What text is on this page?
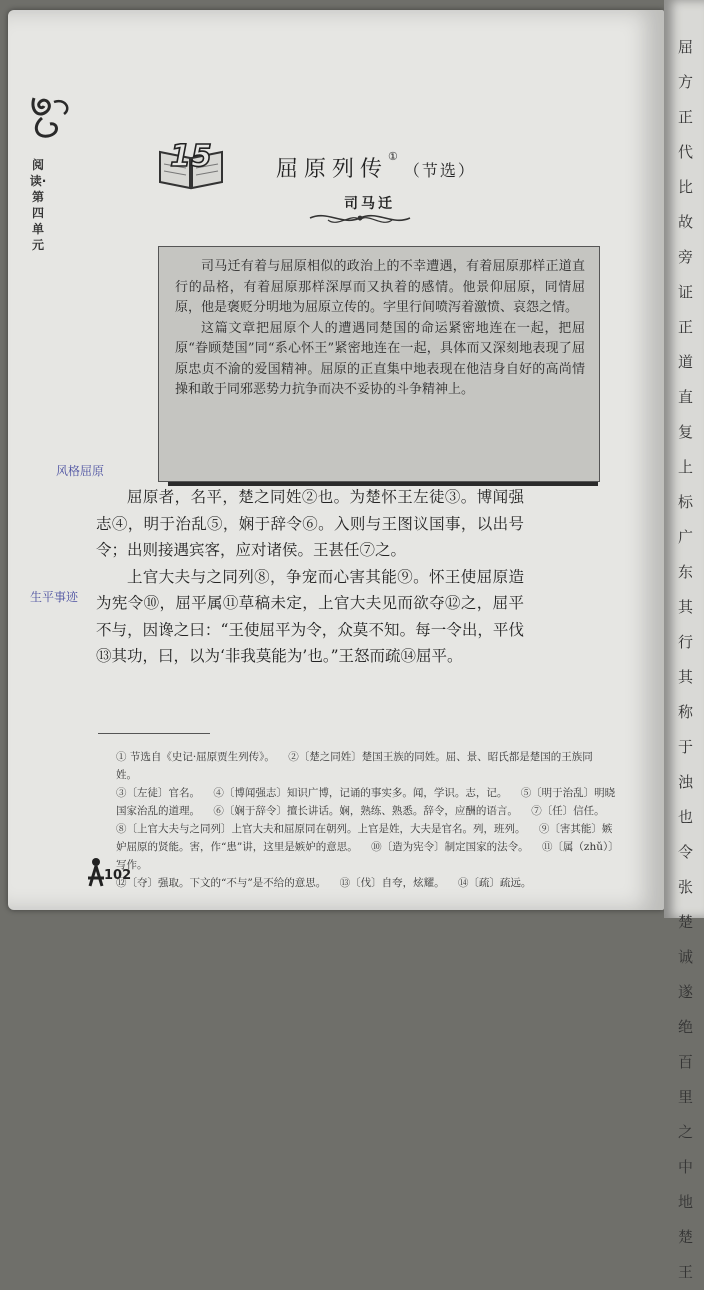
阅读·第四单元
15	屈原列传①（节选）
司马迁

司马迁有着与屈原相似的政治上的不幸遭遇，有着屈原那样正道直行的品格，有着屈原那样深厚而又执着的感情。他景仰屈原，同情屈原，他是褒贬分明地为屈原立传的。字里行间喷泻着激愤、哀怨之情。

这篇文章把屈原个人的遭遇同楚国的命运紧密地连在一起，把屈原“眷顾楚国”同“系心怀王”紧密地连在一起，具体而又深刻地表现了屈原忠贞不渝的爱国精神。屈原的正直集中地表现在他洁身自好的高尚情操和敢于同邪恶势力抗争而决不妥协的斗争精神上。

风格屈原
生平事迹

屈原者，名平，楚之同姓②也。为楚怀王左徒③。博闻强志④，明于治乱⑤，娴于辞令⑥。入则与王图议国事，以出号令；出则接遇宾客，应对诸侯。王甚任⑦之。

上官大夫与之同列⑧，争宠而心害其能⑨。怀王使屈原造为宪令⑩，屈平属⑪草稿未定，上官大夫见而欲夺⑫之，屈平不与，因谗之曰：“王使屈平为令，众莫不知。每一令出，平伐⑬其功，曰，以为‘非我莫能为’也。”王怒而疏⑭屈平。

① 节选自《史记·屈原贾生列传》。 ②〔楚之同姓〕楚国王族的同姓。屈、景、昭氏都是楚国的王族同姓。
③〔左徒〕官名。 ④〔博闻强志〕知识广博，记诵的事实多。闻，学识。志，记。 ⑤〔明于治乱〕明晓国家治乱的道理。 ⑥〔娴于辞令〕擅长讲话。娴，熟练、熟悉。辞令，应酬的语言。 ⑦〔任〕信任。
⑧〔上官大夫与之同列〕上官大夫和屈原同在朝列。上官是姓，大夫是官名。列，班列。 ⑨〔害其能〕嫉妒屈原的贤能。害，作“患”讲，这里是嫉妒的意思。 ⑩〔造为宪令〕制定国家的法令。 ⑪〔属（zhǔ）〕写作。
⑫〔夺〕强取。下文的“不与”是不给的意思。 ⑬〔伐〕自夸，炫耀。 ⑭〔疏〕疏远。
102
屈方正代比故旁证正道直复上标广东其行其称于浊也令张楚诚遂绝百里之中地楚王
